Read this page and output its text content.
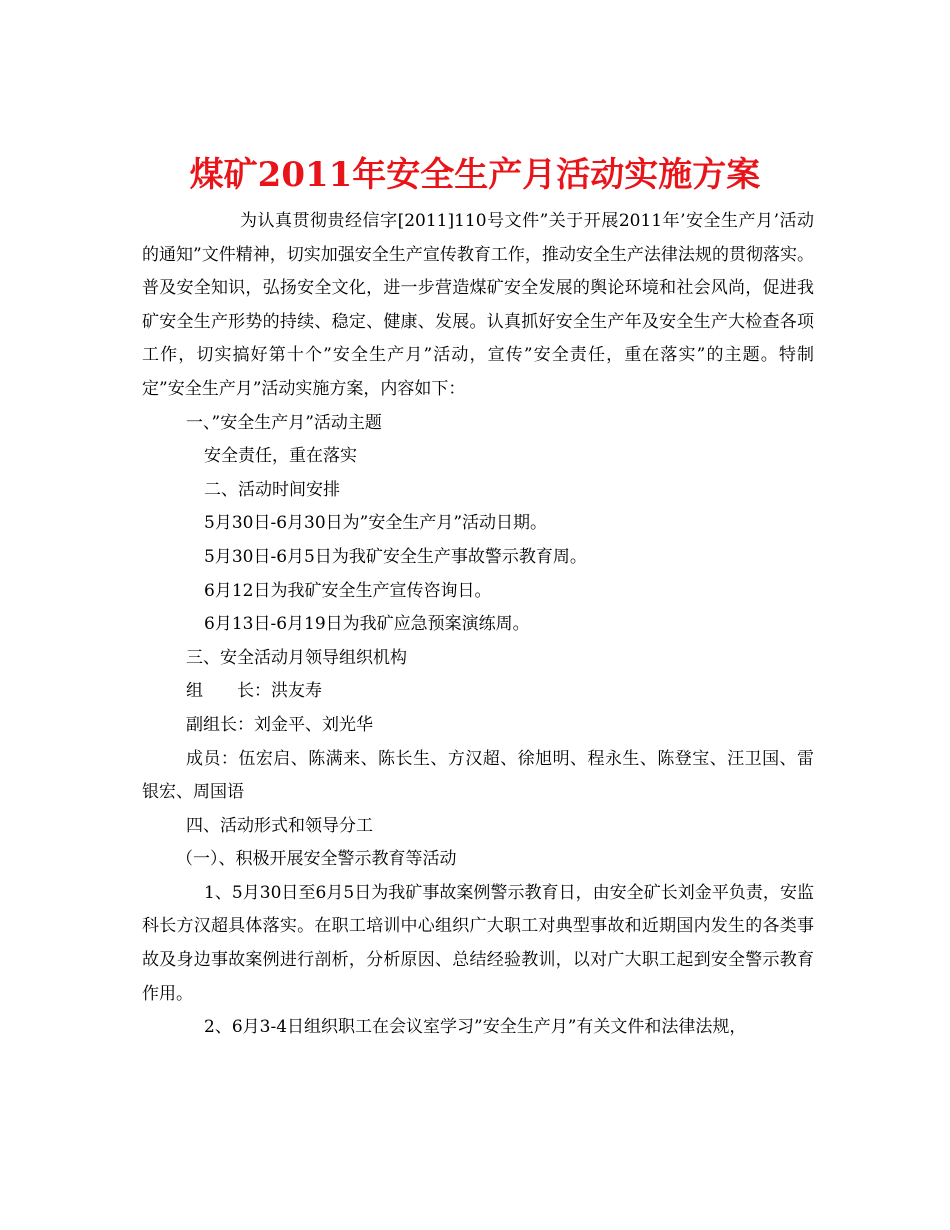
煤矿2011年安全生产月活动实施方案

为认真贯彻贵经信字[2011]110号文件”关于开展2011年’安全生产月’活动的通知”文件精神，切实加强安全生产宣传教育工作，推动安全生产法律法规的贯彻落实。普及安全知识，弘扬安全文化，进一步营造煤矿安全发展的舆论环境和社会风尚，促进我矿安全生产形势的持续、稳定、健康、发展。认真抓好安全生产年及安全生产大检查各项工作，切实搞好第十个”安全生产月”活动，宣传”安全责任，重在落实”的主题。特制定”安全生产月”活动实施方案，内容如下：

一、”安全生产月”活动主题

安全责任，重在落实

二、活动时间安排

5月30日-6月30日为”安全生产月”活动日期。

5月30日-6月5日为我矿安全生产事故警示教育周。

6月12日为我矿安全生产宣传咨询日。

6月13日-6月19日为我矿应急预案演练周。

三、安全活动月领导组织机构

组　　长：洪友寿

副组长：刘金平、刘光华

成员：伍宏启、陈满来、陈长生、方汉超、徐旭明、程永生、陈登宝、汪卫国、雷银宏、周国语

四、活动形式和领导分工

（一）、积极开展安全警示教育等活动

1、5月30日至6月5日为我矿事故案例警示教育日，由安全矿长刘金平负责，安监科长方汉超具体落实。在职工培训中心组织广大职工对典型事故和近期国内发生的各类事故及身边事故案例进行剖析，分析原因、总结经验教训，以对广大职工起到安全警示教育作用。

2、6月3-4日组织职工在会议室学习”安全生产月”有关文件和法律法规，
